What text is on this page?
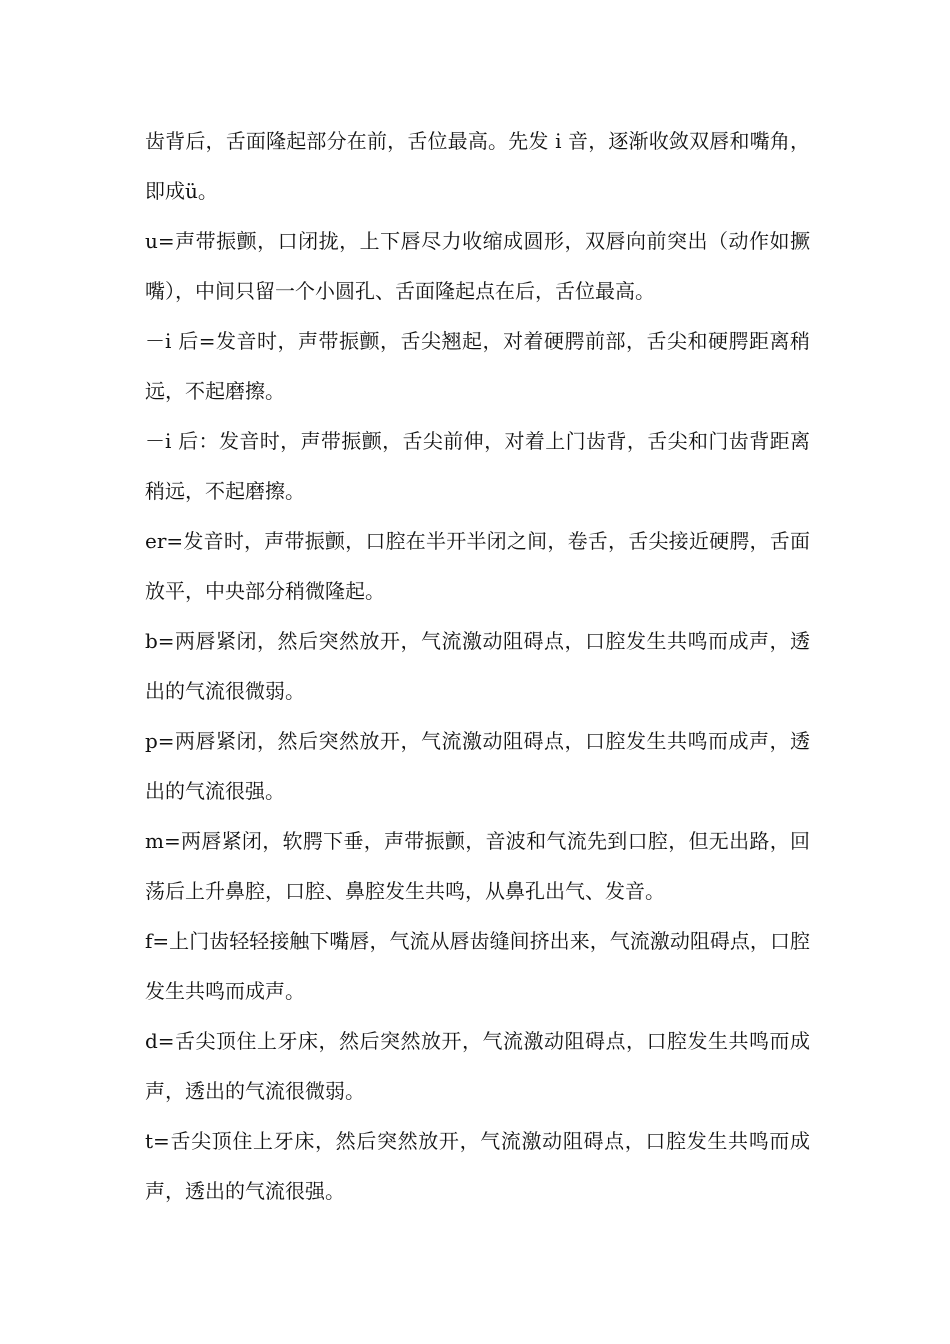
齿背后，舌面隆起部分在前，舌位最高。先发 i 音，逐渐收敛双唇和嘴角，即成ü。

u=声带振颤，口闭拢，上下唇尽力收缩成圆形，双唇向前突出（动作如撅嘴），中间只留一个小圆孔、舌面隆起点在后，舌位最高。

－i 后=发音时，声带振颤，舌尖翘起，对着硬腭前部，舌尖和硬腭距离稍远，不起磨擦。

－i 后：发音时，声带振颤，舌尖前伸，对着上门齿背，舌尖和门齿背距离稍远，不起磨擦。

er=发音时，声带振颤，口腔在半开半闭之间，卷舌，舌尖接近硬腭，舌面放平，中央部分稍微隆起。

b=两唇紧闭，然后突然放开，气流激动阻碍点，口腔发生共鸣而成声，透出的气流很微弱。

p=两唇紧闭，然后突然放开，气流激动阻碍点，口腔发生共鸣而成声，透出的气流很强。

m=两唇紧闭，软腭下垂，声带振颤，音波和气流先到口腔，但无出路，回荡后上升鼻腔，口腔、鼻腔发生共鸣，从鼻孔出气、发音。

f=上门齿轻轻接触下嘴唇，气流从唇齿缝间挤出来，气流激动阻碍点，口腔发生共鸣而成声。

d=舌尖顶住上牙床，然后突然放开，气流激动阻碍点，口腔发生共鸣而成声，透出的气流很微弱。

t=舌尖顶住上牙床，然后突然放开，气流激动阻碍点，口腔发生共鸣而成声，透出的气流很强。
